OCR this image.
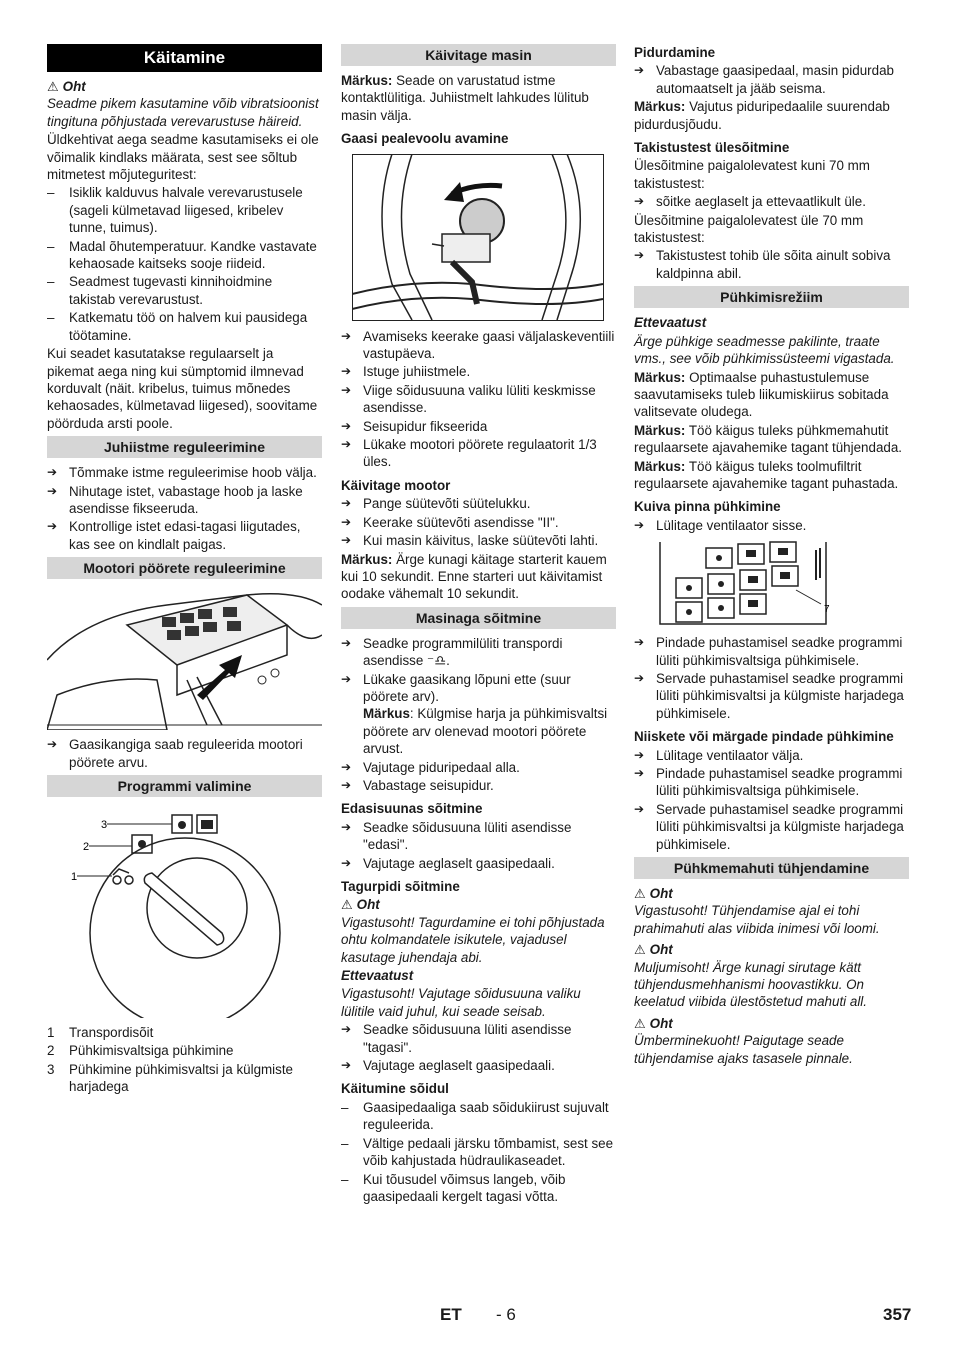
Käitamine
⚠ Oht

Seadme pikem kasutamine võib vibratsioonist tingituna põhjustada verevarustuse häireid.

Üldkehtivat aega seadme kasutamiseks ei ole võimalik kindlaks määrata, sest see sõltub mitmetest mõjuteguritest:

– Isiklik kalduvus halvale verevarustusele (sageli külmetavad liigesed, kribelev tunne, tuimus).
– Madal õhutemperatuur. Kandke vastavate kehaosade kaitseks sooje riideid.
– Seadmest tugevasti kinnihoidmine takistab verevarustust.
– Katkematu töö on halvem kui pausidega töötamine.

Kui seadet kasutatakse regulaarselt ja pikemat aega ning kui sümptomid ilmnevad korduvalt (näit. kribelus, tuimus mõnedes kehaosades, külmetavad liigesed), soovitame pöörduda arsti poole.

Juhiistme reguleerimine
➔ Tõmmake istme reguleerimise hoob välja.
➔ Nihutage istet, vabastage hoob ja laske asendisse fikseeruda.
➔ Kontrollige istet edasi-tagasi liigutades, kas see on kindlalt paigas.
Mootori pöörete reguleerimine
➔ Gaasikangiga saab reguleerida mootori pöörete arvu.
Programmi valimine
3
2
1
1 Transpordisõit
2 Pühkimisvaltsiga pühkimine
3 Pühkimine pühkimisvaltsi ja külgmiste harjadega
Käivitage masin

Märkus: Seade on varustatud istme kontaktlülitiga. Juhiistmelt lahkudes lülitub masin välja.

Gaasi pealevoolu avamine

➔ Avamiseks keerake gaasi väljalaskeventiili vastupäeva.
➔ Istuge juhiistmele.
➔ Viige sõidusuuna valiku lüliti keskmisse asendisse.
➔ Seisupidur fikseerida
➔ Lükake mootori pöörete regulaatorit 1/3 üles.

Käivitage mootor

➔ Pange süütevõti süütelukku.
➔ Keerake süütevõti asendisse "II".
➔ Kui masin käivitus, laske süütevõti lahti.

Märkus: Ärge kunagi käitage starterit kauem kui 10 sekundit. Enne starteri uut käivitamist oodake vähemalt 10 sekundit.

Masinaga sõitmine
➔ Seadke programmilüliti transpordi asendisse ⁻♎.
➔ Lükake gaasikang lõpuni ette (suur pöörete arv).
Märkus: Külgmise harja ja pühkimisvaltsi pöörete arv olenevad mootori pöörete arvust.
➔ Vajutage piduripedaal alla.
➔ Vabastage seisupidur.

Edasisuunas sõitmine

➔ Seadke sõidusuuna lüliti asendisse "edasi".
➔ Vajutage aeglaselt gaasipedaali.

Tagurpidi sõitmine

⚠ Oht

Vigastusoht! Tagurdamine ei tohi põhjustada ohtu kolmandatele isikutele, vajadusel kasutage juhendaja abi.

Ettevaatust

Vigastusoht! Vajutage sõidusuuna valiku lülitile vaid juhul, kui seade seisab.

➔ Seadke sõidusuuna lüliti asendisse "tagasi".
➔ Vajutage aeglaselt gaasipedaali.

Käitumine sõidul

– Gaasipedaaliga saab sõidukiirust sujuvalt reguleerida.
– Vältige pedaali järsku tõmbamist, sest see võib kahjustada hüdraulikaseadet.
– Kui tõusudel võimsus langeb, võib gaasipedaali kergelt tagasi võtta.

Pidurdamine

➔ Vabastage gaasipedaal, masin pidurdab automaatselt ja jääb seisma.

Märkus: Vajutus piduripedaalile suurendab pidurdusjõudu.

Takistustest ülesõitmine

Ülesõitmine paigalolevatest kuni 70 mm takistustest:

➔ sõitke aeglaselt ja ettevaatlikult üle.

Ülesõitmine paigalolevatest üle 70 mm takistustest:

➔ Takistustest tohib üle sõita ainult sobiva kaldpinna abil.
Pühkimisrežiim

Ettevaatust

Ärge pühkige seadmesse pakilinte, traate vms., see võib pühkimissüsteemi vigastada.

Märkus: Optimaalse puhastustulemuse saavutamiseks tuleb liikumiskiirus sobitada valitsevate oludega.

Märkus: Töö käigus tuleks pühkmemahutit regulaarsete ajavahemike tagant tühjendada.

Märkus: Töö käigus tuleks toolmufiltrit regulaarsete ajavahemike tagant puhastada.

Kuiva pinna pühkimine

➔ Lülitage ventilaator sisse.
7
➔ Pindade puhastamisel seadke programmi lüliti pühkimisvaltsiga pühkimisele.
➔ Servade puhastamisel seadke programmi lüliti pühkimisvaltsi ja külgmiste harjadega pühkimisele.

Niiskete või märgade pindade pühkimine

➔ Lülitage ventilaator välja.
➔ Pindade puhastamisel seadke programmi lüliti pühkimisvaltsiga pühkimisele.
➔ Servade puhastamisel seadke programmi lüliti pühkimisvaltsi ja külgmiste harjadega pühkimisele.
Pühkmemahuti tühjendamine
⚠ Oht

Vigastusoht! Tühjendamise ajal ei tohi prahimahuti alas viibida inimesi või loomi.

⚠ Oht

Muljumisoht! Ärge kunagi sirutage kätt tühjendusmehhanismi hoovastikku. On keelatud viibida ülestõstetud mahuti all.

⚠ Oht

Ümberminekuoht! Paigutage seade tühjendamise ajaks tasasele pinnale.

ET - 6	357
